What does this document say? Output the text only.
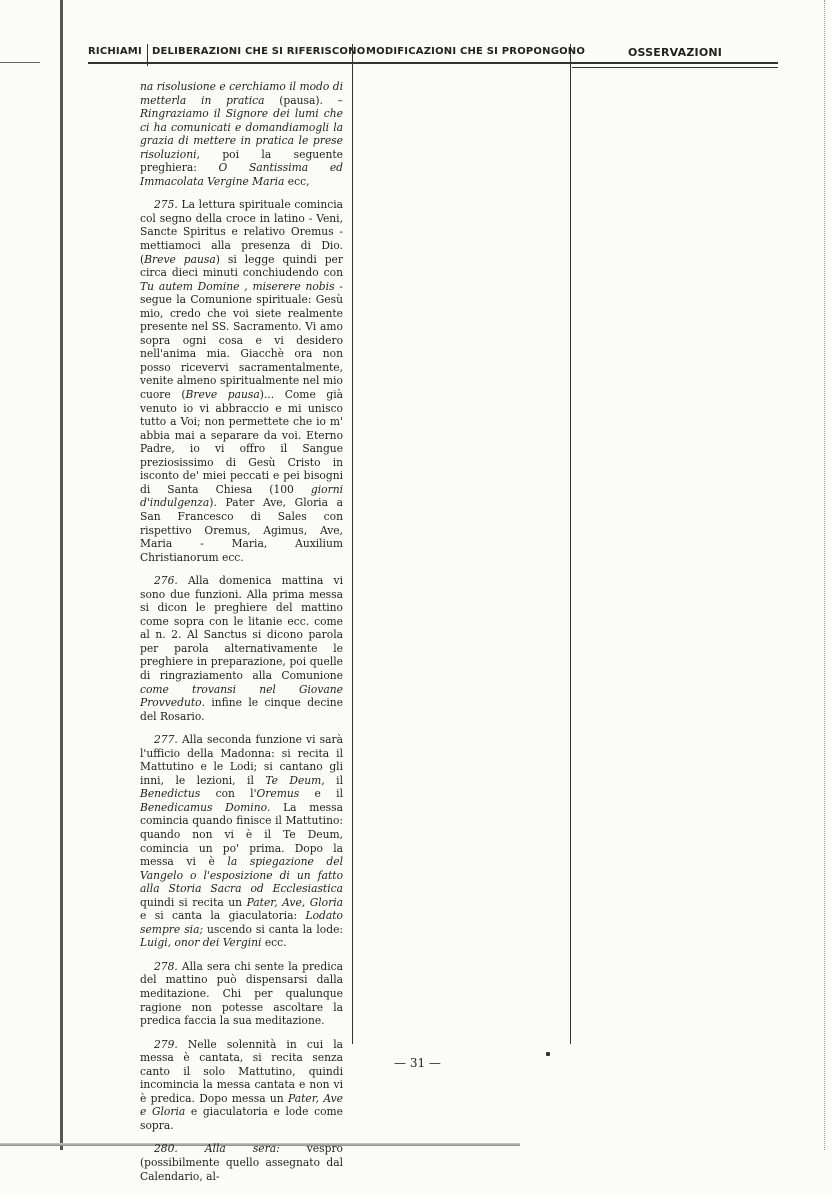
RICHIAMI DELIBERAZIONI CHE SI RIFERISCONO MODIFICAZIONI CHE SI PROPONGONO	OSSERVAZIONI

na risolusione e cerchiamo il modo di metterla in pratica (pausa). – Ringraziamo il Signore dei lumi che ci ha comunicati e domandiamogli la grazia di mettere in pratica le prese risoluzioni, poi la seguente preghiera: O Santissima ed Immacolata Vergine Maria ecc,

275. La lettura spirituale comincia col segno della croce in latino - Veni, Sancte Spiritus e relativo Oremus - mettiamoci alla presenza di Dio. (Breve pausa) si legge quindi per circa dieci minuti conchiudendo con Tu autem Domine , miserere nobis - segue la Comunione spirituale: Gesù mio, credo che voi siete realmente presente nel SS. Sacramento. Vi amo sopra ogni cosa e vi desidero nell'anima mia. Giacchè ora non posso ricevervi sacramentalmente, venite almeno spiritualmente nel mio cuore (Breve pausa)... Come già venuto io vi abbraccio e mi unisco tutto a Voi; non permettete che io m' abbia mai a separare da voi. Eterno Padre, io vi offro il Sangue preziosissimo di Gesù Cristo in isconto de' miei peccati e pei bisogni di Santa Chiesa (100 giorni d'indulgenza). Pater Ave, Gloria a San Francesco di Sales con rispettivo Oremus, Agimus, Ave, Maria - Maria, Auxilium Christianorum ecc.

276. Alla domenica mattina vi sono due funzioni. Alla prima messa si dicon le preghiere del mattino come sopra con le litanie ecc. come al n. 2. Al Sanctus si dicono parola per parola alternativamente le preghiere in preparazione, poi quelle di ringraziamento alla Comunione come trovansi nel Giovane Provveduto. infine le cinque decine del Rosario.

277. Alla seconda funzione vi sarà l'ufficio della Madonna: si recita il Mattutino e le Lodi; si cantano gli inni, le lezioni, il Te Deum, il Benedictus con l'Oremus e il Benedicamus Domino. La messa comincia quando finisce il Mattutino: quando non vi è il Te Deum, comincia un po' prima. Dopo la messa vi è la spiegazione del Vangelo o l'esposizione di un fatto alla Storia Sacra od Ecclesiastica quindi si recita un Pater, Ave, Gloria e si canta la giaculatoria: Lodato sempre sia; uscendo si canta la lode: Luigi, onor dei Vergini ecc.

278. Alla sera chi sente la predica del mattino può dispensarsi dalla meditazione. Chi per qualunque ragione non potesse ascoltare la predica faccia la sua meditazione.

279. Nelle solennità in cui la messa è cantata, si recita senza canto il solo Mattutino, quindi incomincia la messa cantata e non vi è predica. Dopo messa un Pater, Ave e Gloria e giaculatoria e lode come sopra.

280.	Alla sera: vespro (possibilmente quello assegnato dal Calendario, al-

— 31 —
